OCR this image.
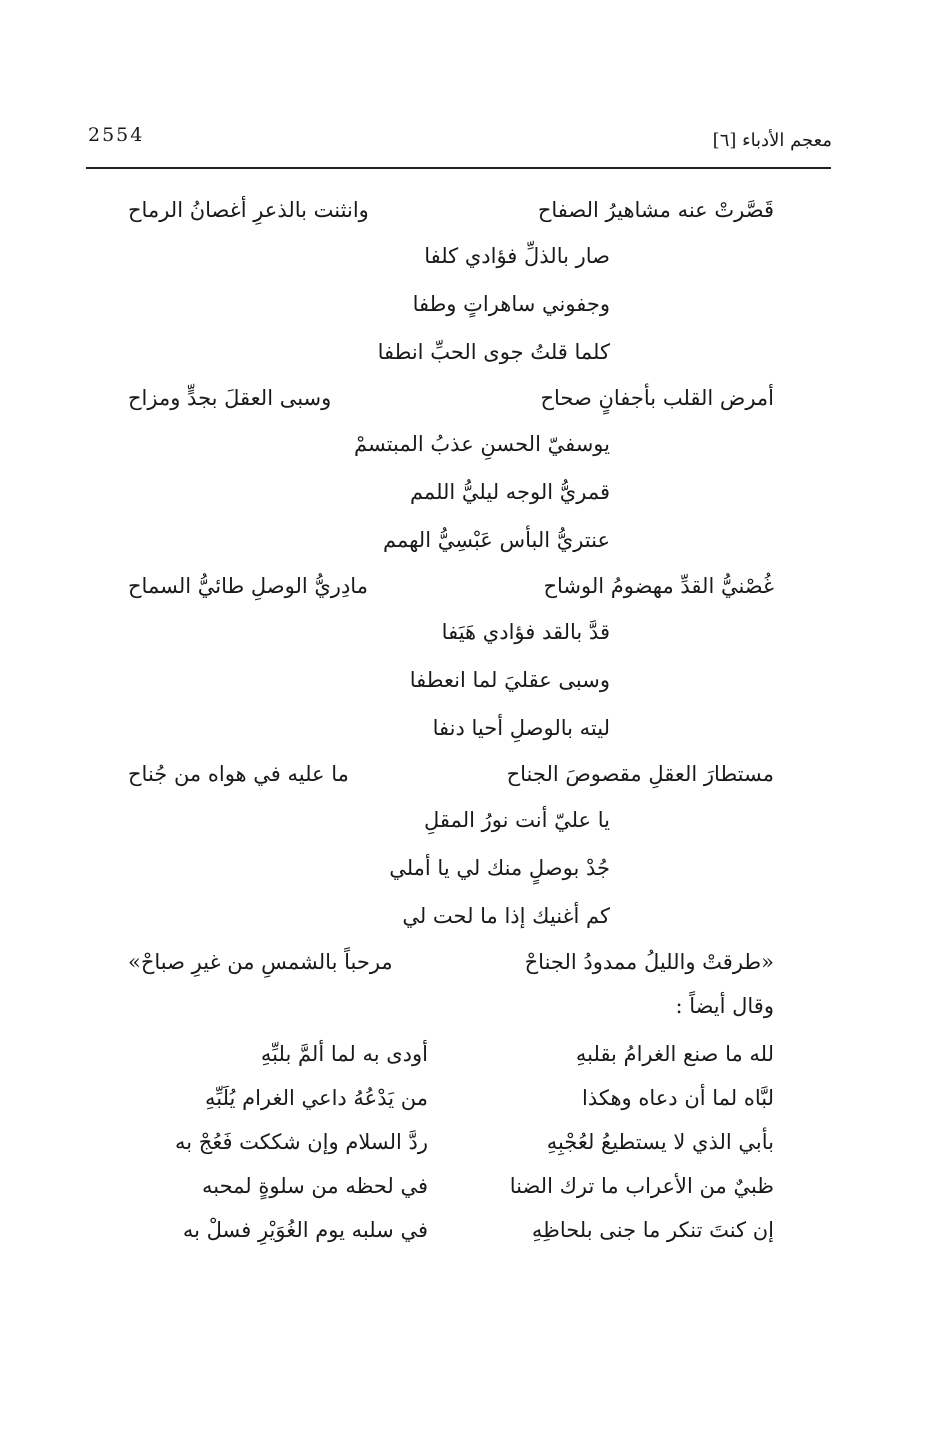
2554	معجم الأدباء [٦]
قَصَّرتْ عنه مشاهيرُ الصفاح
وانثنت بالذعرِ أغصانُ الرماح
صار بالذلِّ فؤادي كلفا
وجفوني ساهراتٍ وطفا
كلما قلتُ جوى الحبِّ انطفا
أمرض القلب بأجفانٍ صحاح
وسبى العقلَ بجدٍّ ومزاح
يوسفيّ الحسنِ عذبُ المبتسمْ
قمريُّ الوجه ليليُّ اللمم
عنتريُّ البأس عَبْسِيُّ الهمم
غُصْنيُّ القدِّ مهضومُ الوشاح
مادِريُّ الوصلِ طائيُّ السماح
قدَّ بالقد فؤادي هَيَفا
وسبى عقليَ لما انعطفا
ليته بالوصلِ أحيا دنفا
مستطارَ العقلِ مقصوصَ الجناح
ما عليه في هواه من جُناح
يا عليّ أنت نورُ المقلِ
جُدْ بوصلٍ منك لي يا أملي
كم أغنيك إذا ما لحت لي
«طرقتْ والليلُ ممدودُ الجناحْ
مرحباً بالشمسِ من غيرِ صباحْ»
وقال أيضاً :
لله ما صنع الغرامُ بقلبهِ
أودى به لما ألمَّ بلبِّهِ
لبَّاه لما أن دعاه وهكذا
من يَدْعُهُ داعي الغرام يُلَبِّهِ
بأبي الذي لا يستطيعُ لعُجْبِهِ
ردَّ السلام وإن شككت فَعُجْ به
ظبيٌ من الأعراب ما ترك الضنا
في لحظه من سلوةٍ لمحبه
إن كنتَ تنكر ما جنى بلحاظِهِ
في سلبه يوم الغُوَيْرِ فسلْ به
